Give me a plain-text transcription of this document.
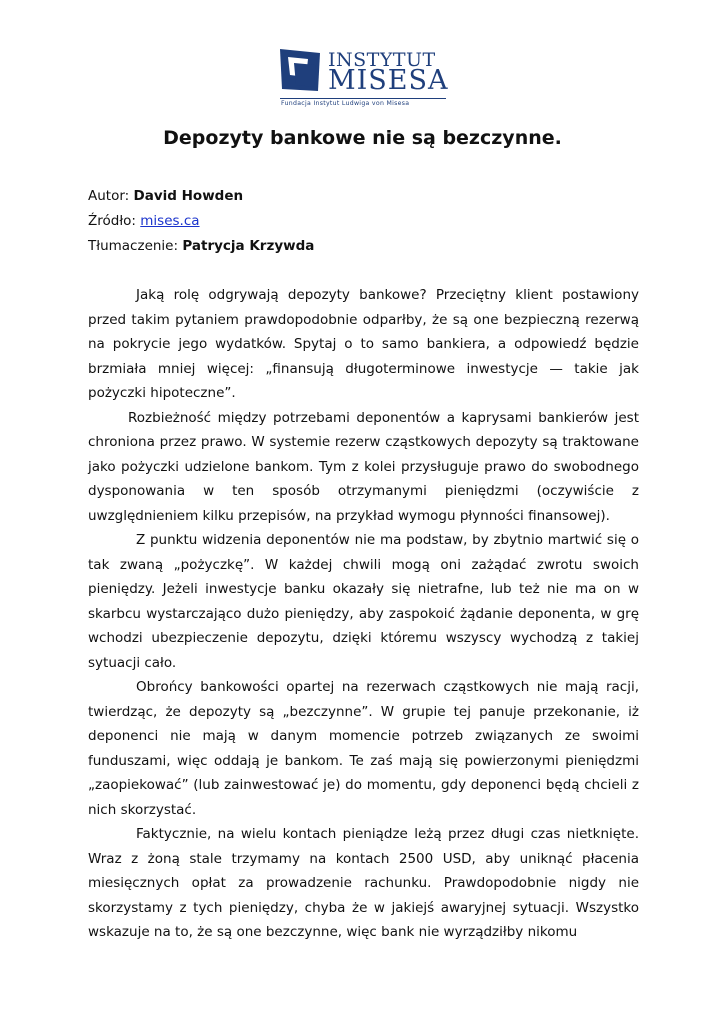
INSTYTUT
MISESA
Fundacja Instytut Ludwiga von Misesa
Depozyty bankowe nie są bezczynne.
Autor: David Howden
Źródło: mises.ca
Tłumaczenie: Patrycja Krzywda

Jaką rolę odgrywają depozyty bankowe? Przeciętny klient postawiony przed takim pytaniem prawdopodobnie odparłby, że są one bezpieczną rezerwą na pokrycie jego wydatków. Spytaj o to samo bankiera, a odpowiedź będzie brzmiała mniej więcej: „finansują długoterminowe inwestycje — takie jak pożyczki hipoteczne”.

Rozbieżność między potrzebami deponentów a kaprysami bankierów jest chroniona przez prawo. W systemie rezerw cząstkowych depozyty są traktowane jako pożyczki udzielone bankom. Tym z kolei przysługuje prawo do swobodnego dysponowania w ten sposób otrzymanymi pieniędzmi (oczywiście z uwzględnieniem kilku przepisów, na przykład wymogu płynności finansowej).

Z punktu widzenia deponentów nie ma podstaw, by zbytnio martwić się o tak zwaną „pożyczkę”. W każdej chwili mogą oni zażądać zwrotu swoich pieniędzy. Jeżeli inwestycje banku okazały się nietrafne, lub też nie ma on w skarbcu wystarczająco dużo pieniędzy, aby zaspokoić żądanie deponenta, w grę wchodzi ubezpieczenie depozytu, dzięki któremu wszyscy wychodzą z takiej sytuacji cało.

Obrońcy bankowości opartej na rezerwach cząstkowych nie mają racji, twierdząc, że depozyty są „bezczynne”. W grupie tej panuje przekonanie, iż deponenci nie mają w danym momencie potrzeb związanych ze swoimi funduszami, więc oddają je bankom. Te zaś mają się powierzonymi pieniędzmi „zaopiekować” (lub zainwestować je) do momentu, gdy deponenci będą chcieli z nich skorzystać.

Faktycznie, na wielu kontach pieniądze leżą przez długi czas nietknięte. Wraz z żoną stale trzymamy na kontach 2500 USD, aby uniknąć płacenia miesięcznych opłat za prowadzenie rachunku. Prawdopodobnie nigdy nie skorzystamy z tych pieniędzy, chyba że w jakiejś awaryjnej sytuacji. Wszystko wskazuje na to, że są one bezczynne, więc bank nie wyrządziłby nikomu
